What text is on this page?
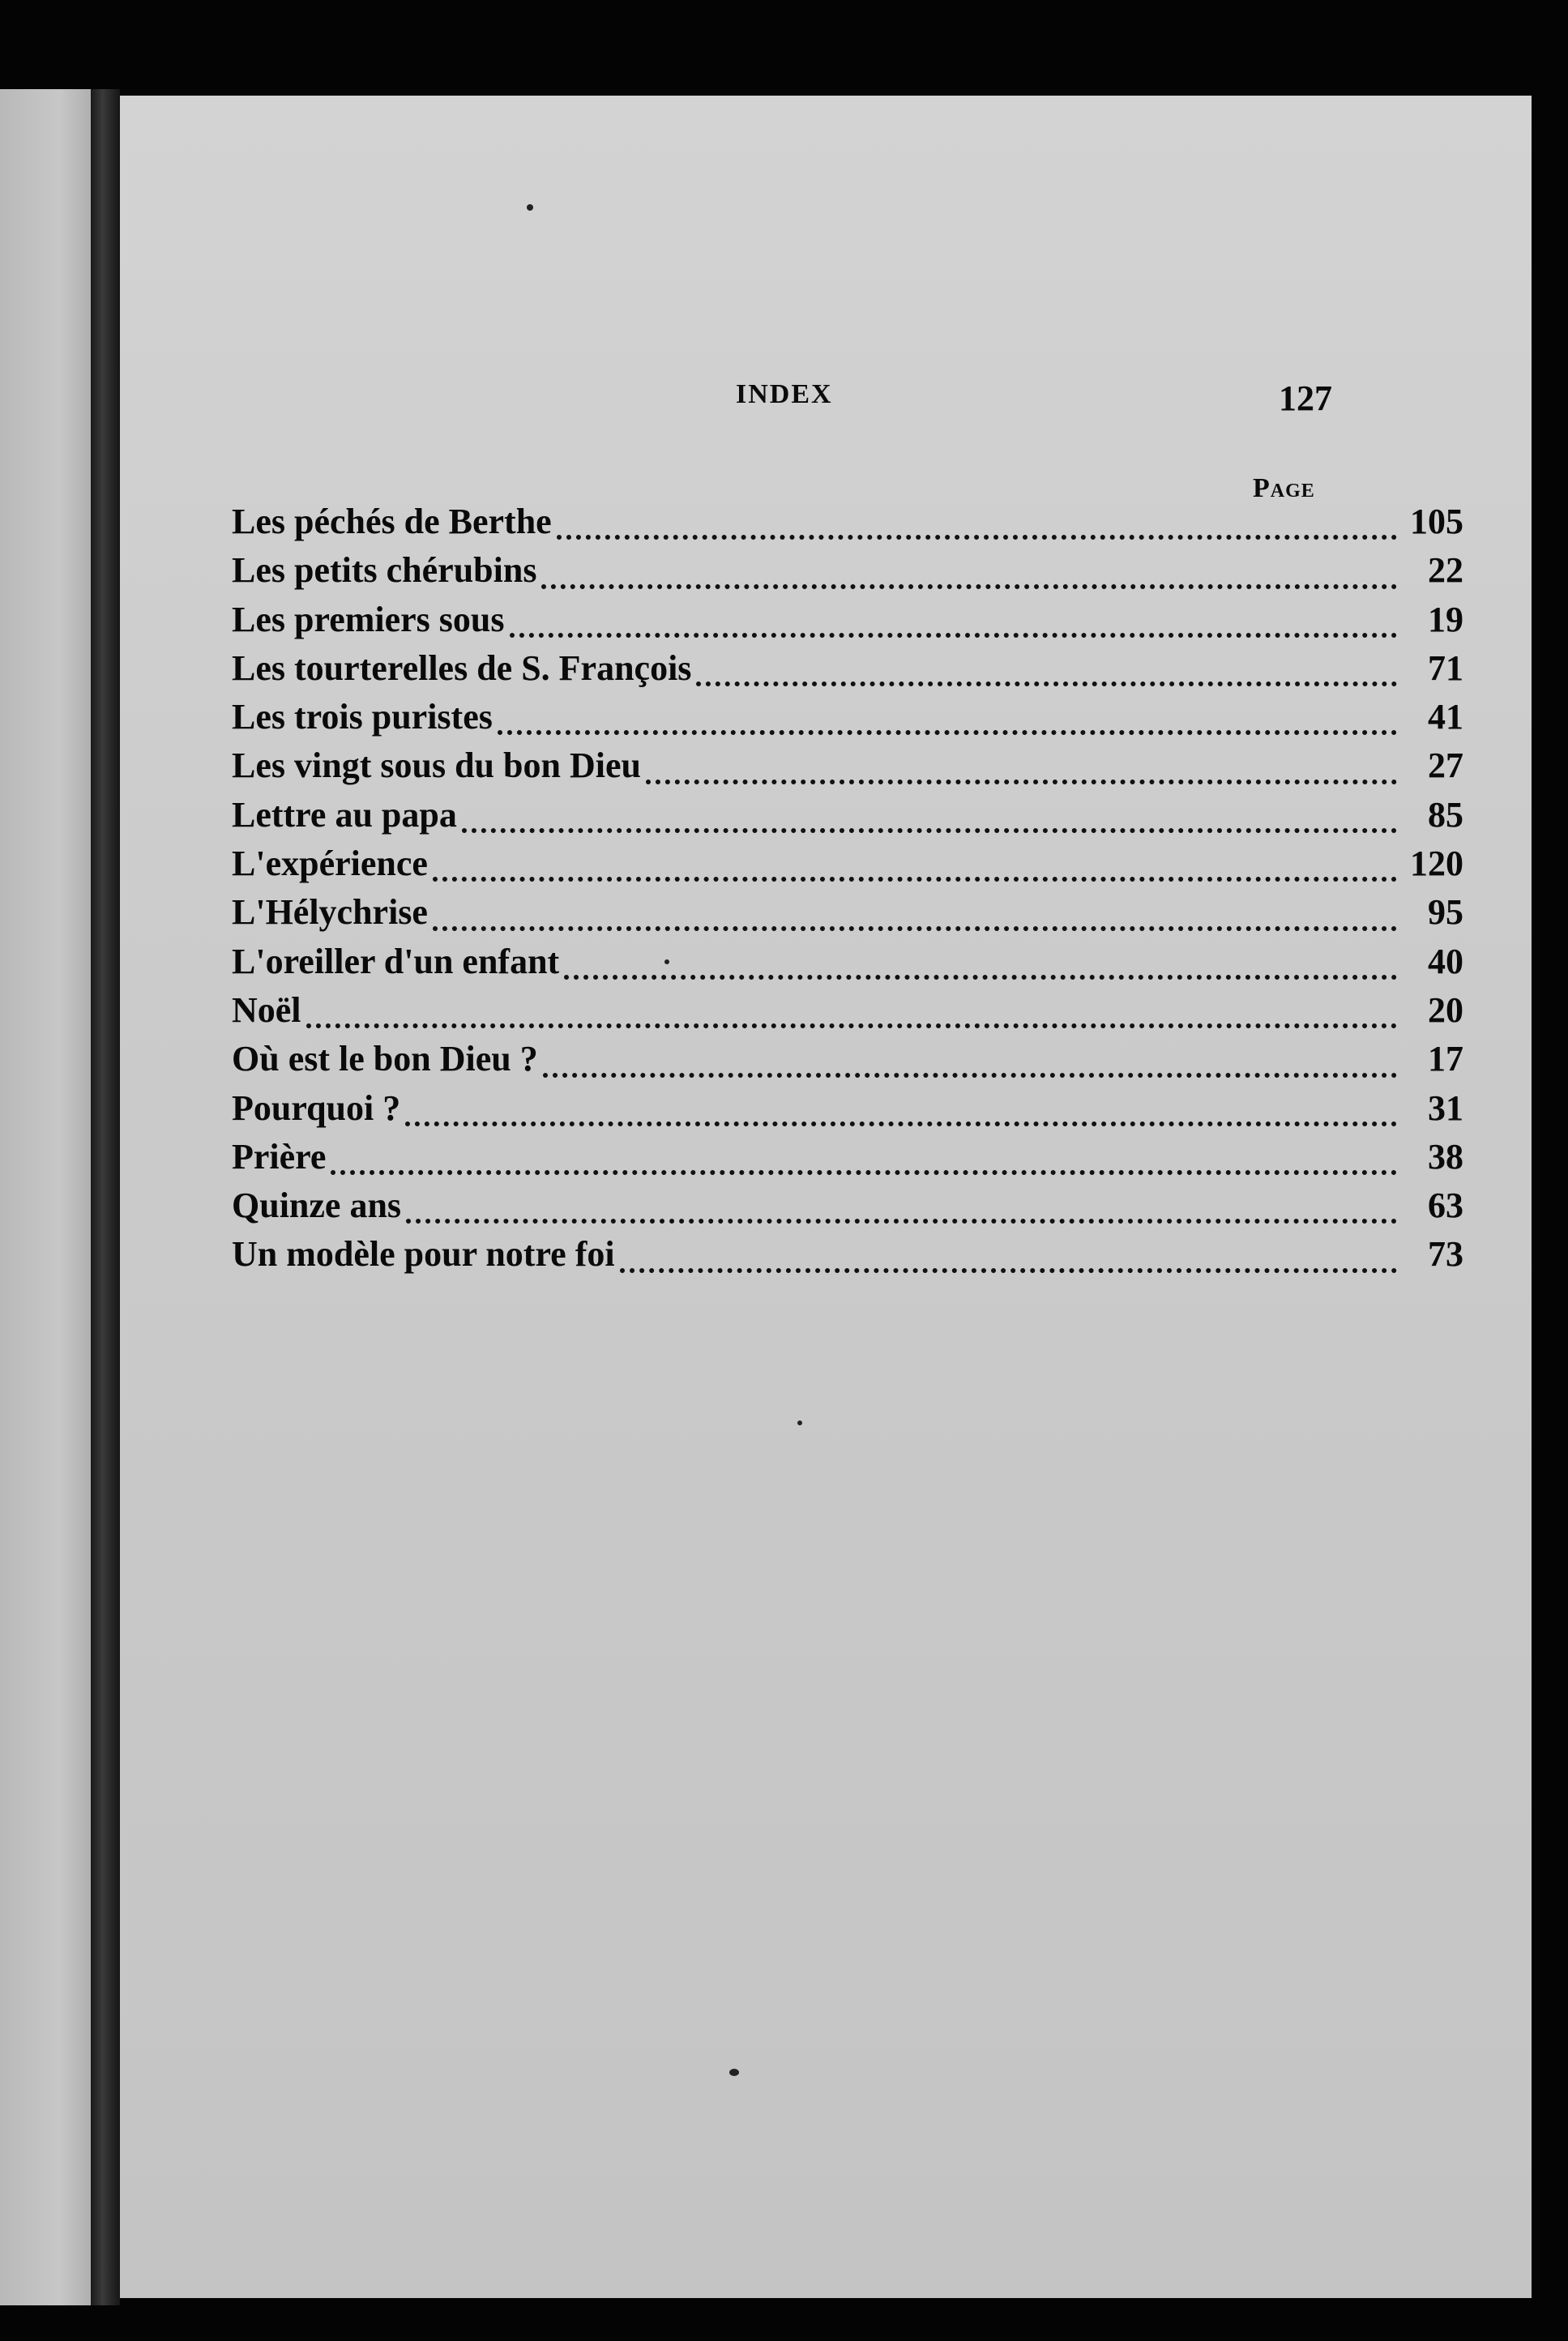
INDEX	127
Page
Les péchés de Berthe	105
Les petits chérubins	22
Les premiers sous	19
Les tourterelles de S. François	71
Les trois puristes	41
Les vingt sous du bon Dieu	27
Lettre au papa	85
L'expérience	120
L'Hélychrise	95
L'oreiller d'un enfant	40
Noël	20
Où est le bon Dieu ?	17
Pourquoi ?	31
Prière	38
Quinze ans	63
Un modèle pour notre foi	73
